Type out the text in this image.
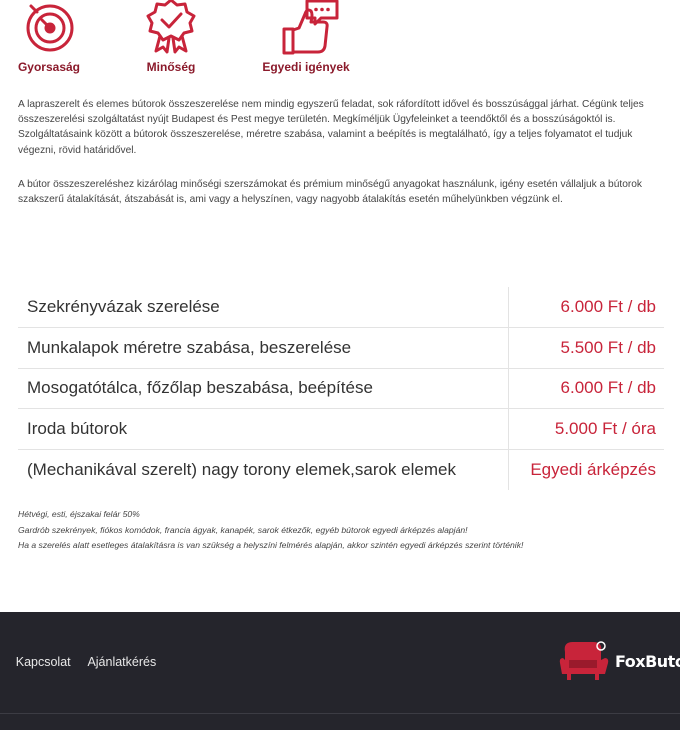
Gyorsaság	Minőség	Egyedi igények

A lapraszerelt és elemes bútorok összeszerelése nem mindig egyszerű feladat, sok ráfordított idővel és bosszúsággal járhat. Cégünk teljes összeszerelési szolgáltatást nyújt Budapest és Pest megye területén. Megkíméljük Ügyfeleinket a teendőktől és a bosszúságoktól is. Szolgáltatásaink között a bútorok összeszerelése, méretre szabása, valamint a beépítés is megtalálható, így a teljes folyamatot el tudjuk végezni, rövid határidővel.

A bútor összeszereléshez kizárólag minőségi szerszámokat és prémium minőségű anyagokat használunk, igény esetén vállaljuk a bútorok szakszerű átalakítását, átszabását is, ami vagy a helyszínen, vagy nagyobb átalakítás esetén műhelyünkben végzünk el.

Szekrényvázak szerelése	6.000 Ft / db
Munkalapok méretre szabása, beszerelése	5.500 Ft / db
Mosogatótálca, főzőlap beszabása, beépítése	6.000 Ft / db
Iroda bútorok	5.000 Ft / óra
(Mechanikával szerelt) nagy torony elemek,sarok elemek	Egyedi árképzés
Hétvégi, esti, éjszakai felár 50%
Gardrób szekrények, fiókos komódok, francia ágyak, kanapék, sarok étkezők, egyéb bútorok egyedi árképzés alapján!
Ha a szerelés alatt esetleges átalakításra is van szükség a helyszíni felmérés alapján, akkor szintén egyedi árképzés szerint történik!
Kapcsolat Ajánlatkérés	FoxButor
